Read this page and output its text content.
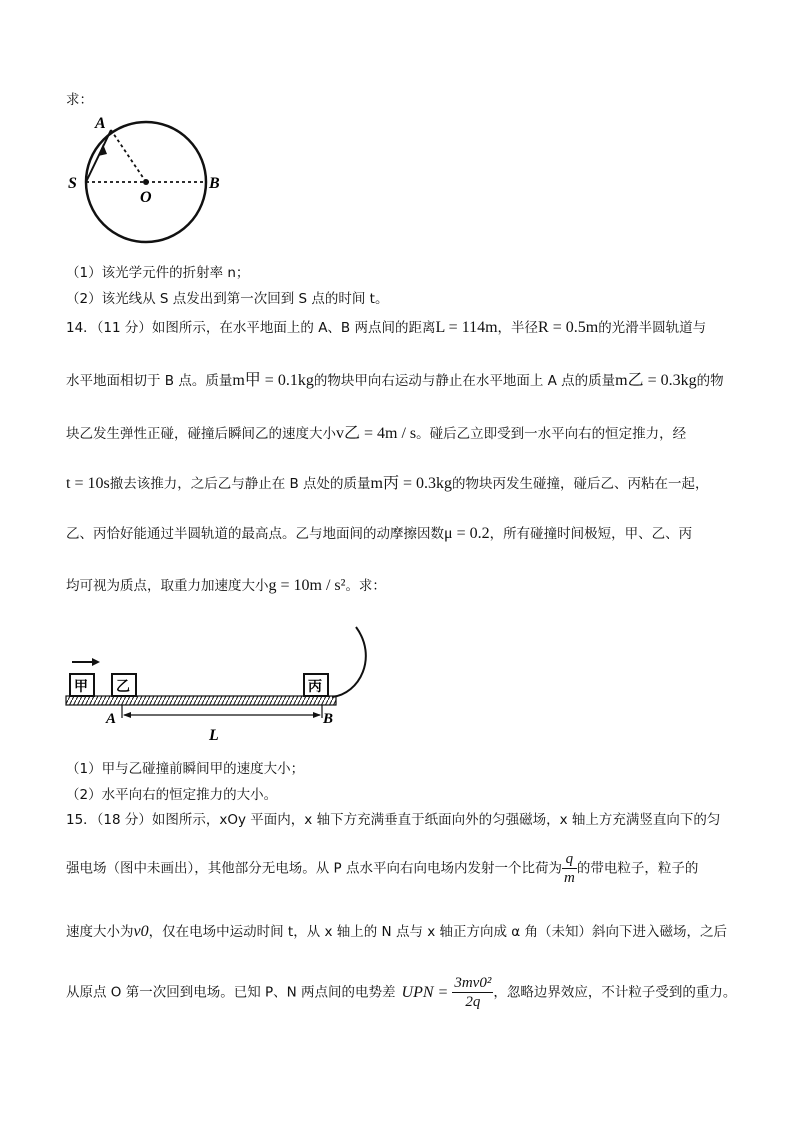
求：
A
S
O
B
（1）该光学元件的折射率 n；
（2）该光线从 S 点发出到第一次回到 S 点的时间 t。
14．（11 分）如图所示，在水平地面上的 A、B 两点间的距离L = 114m，半径R = 0.5m的光滑半圆轨道与
水平地面相切于 B 点。质量m甲 = 0.1kg的物块甲向右运动与静止在水平地面上 A 点的质量m乙 = 0.3kg的物
块乙发生弹性正碰，碰撞后瞬间乙的速度大小v乙 = 4m / s。碰后乙立即受到一水平向右的恒定推力，经
t = 10s撤去该推力，之后乙与静止在 B 点处的质量m丙 = 0.3kg的物块丙发生碰撞，碰后乙、丙粘在一起，
乙、丙恰好能通过半圆轨道的最高点。乙与地面间的动摩擦因数μ = 0.2，所有碰撞时间极短，甲、乙、丙
均可视为质点，取重力加速度大小g = 10m / s²。求：
甲 乙	丙
A	B
L
（1）甲与乙碰撞前瞬间甲的速度大小；
（2）水平向右的恒定推力的大小。
15．（18 分）如图所示，xOy 平面内，x 轴下方充满垂直于纸面向外的匀强磁场，x 轴上方充满竖直向下的匀
强电场（图中未画出），其他部分无电场。从 P 点水平向右向电场内发射一个比荷为 $\frac{q}{m}$ 的带电粒子，粒子的
速度大小为v0，仅在电场中运动时间 t，从 x 轴上的 N 点与 x 轴正方向成 α 角（未知）斜向下进入磁场，之后
从原点 O 第一次回到电场。已知 P、N 两点间的电势差 UPN = $\frac{\text{3mv0²}}{2q}$ ，忽略边界效应，不计粒子受到的重力。
